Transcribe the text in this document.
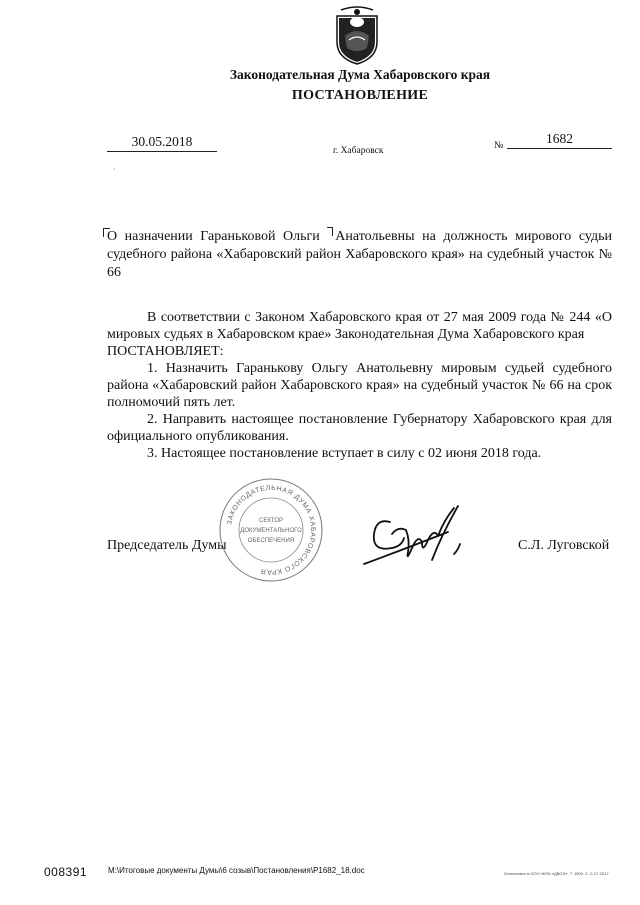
Законодательная Дума Хабаровского края
ПОСТАНОВЛЕНИЕ
30.05.2018
г. Хабаровск	№	1682
·
О назначении Гараньковой Ольги Анатольевны на должность мирового судьи судебного района «Хабаровский район Хабаровского края» на судебный участок № 66

В соответствии с Законом Хабаровского края от 27 мая 2009 года № 244 «О мировых судьях в Хабаровском крае» Законодательная Дума Хабаровского края

ПОСТАНОВЛЯЕТ:

1. Назначить Гаранькову Ольгу Анатольевну мировым судьей судебного района «Хабаровский район Хабаровского края» на судебный участок № 66 на срок полномочий пять лет.

2. Направить настоящее постановление Губернатору Хабаровского края для официального опубликования.

3. Настоящее постановление вступает в силу с 02 июня 2018 года.

ЗАКОНОДАТЕЛЬНАЯ ДУМА ХАБАРОВСКОГО КРАЯ
СЕКТОР
ДОКУМЕНТАЛЬНОГО
ОБЕСПЕЧЕНИЯ
Председатель Думы	С.Л. Луговской
008391	M:\Итоговые документы Думы\6 созыв\Постановления\P1682_18.doc	Отпечатано в ООО «БПК «ДВОЭ». Т. 1000. З. С-17-2017
